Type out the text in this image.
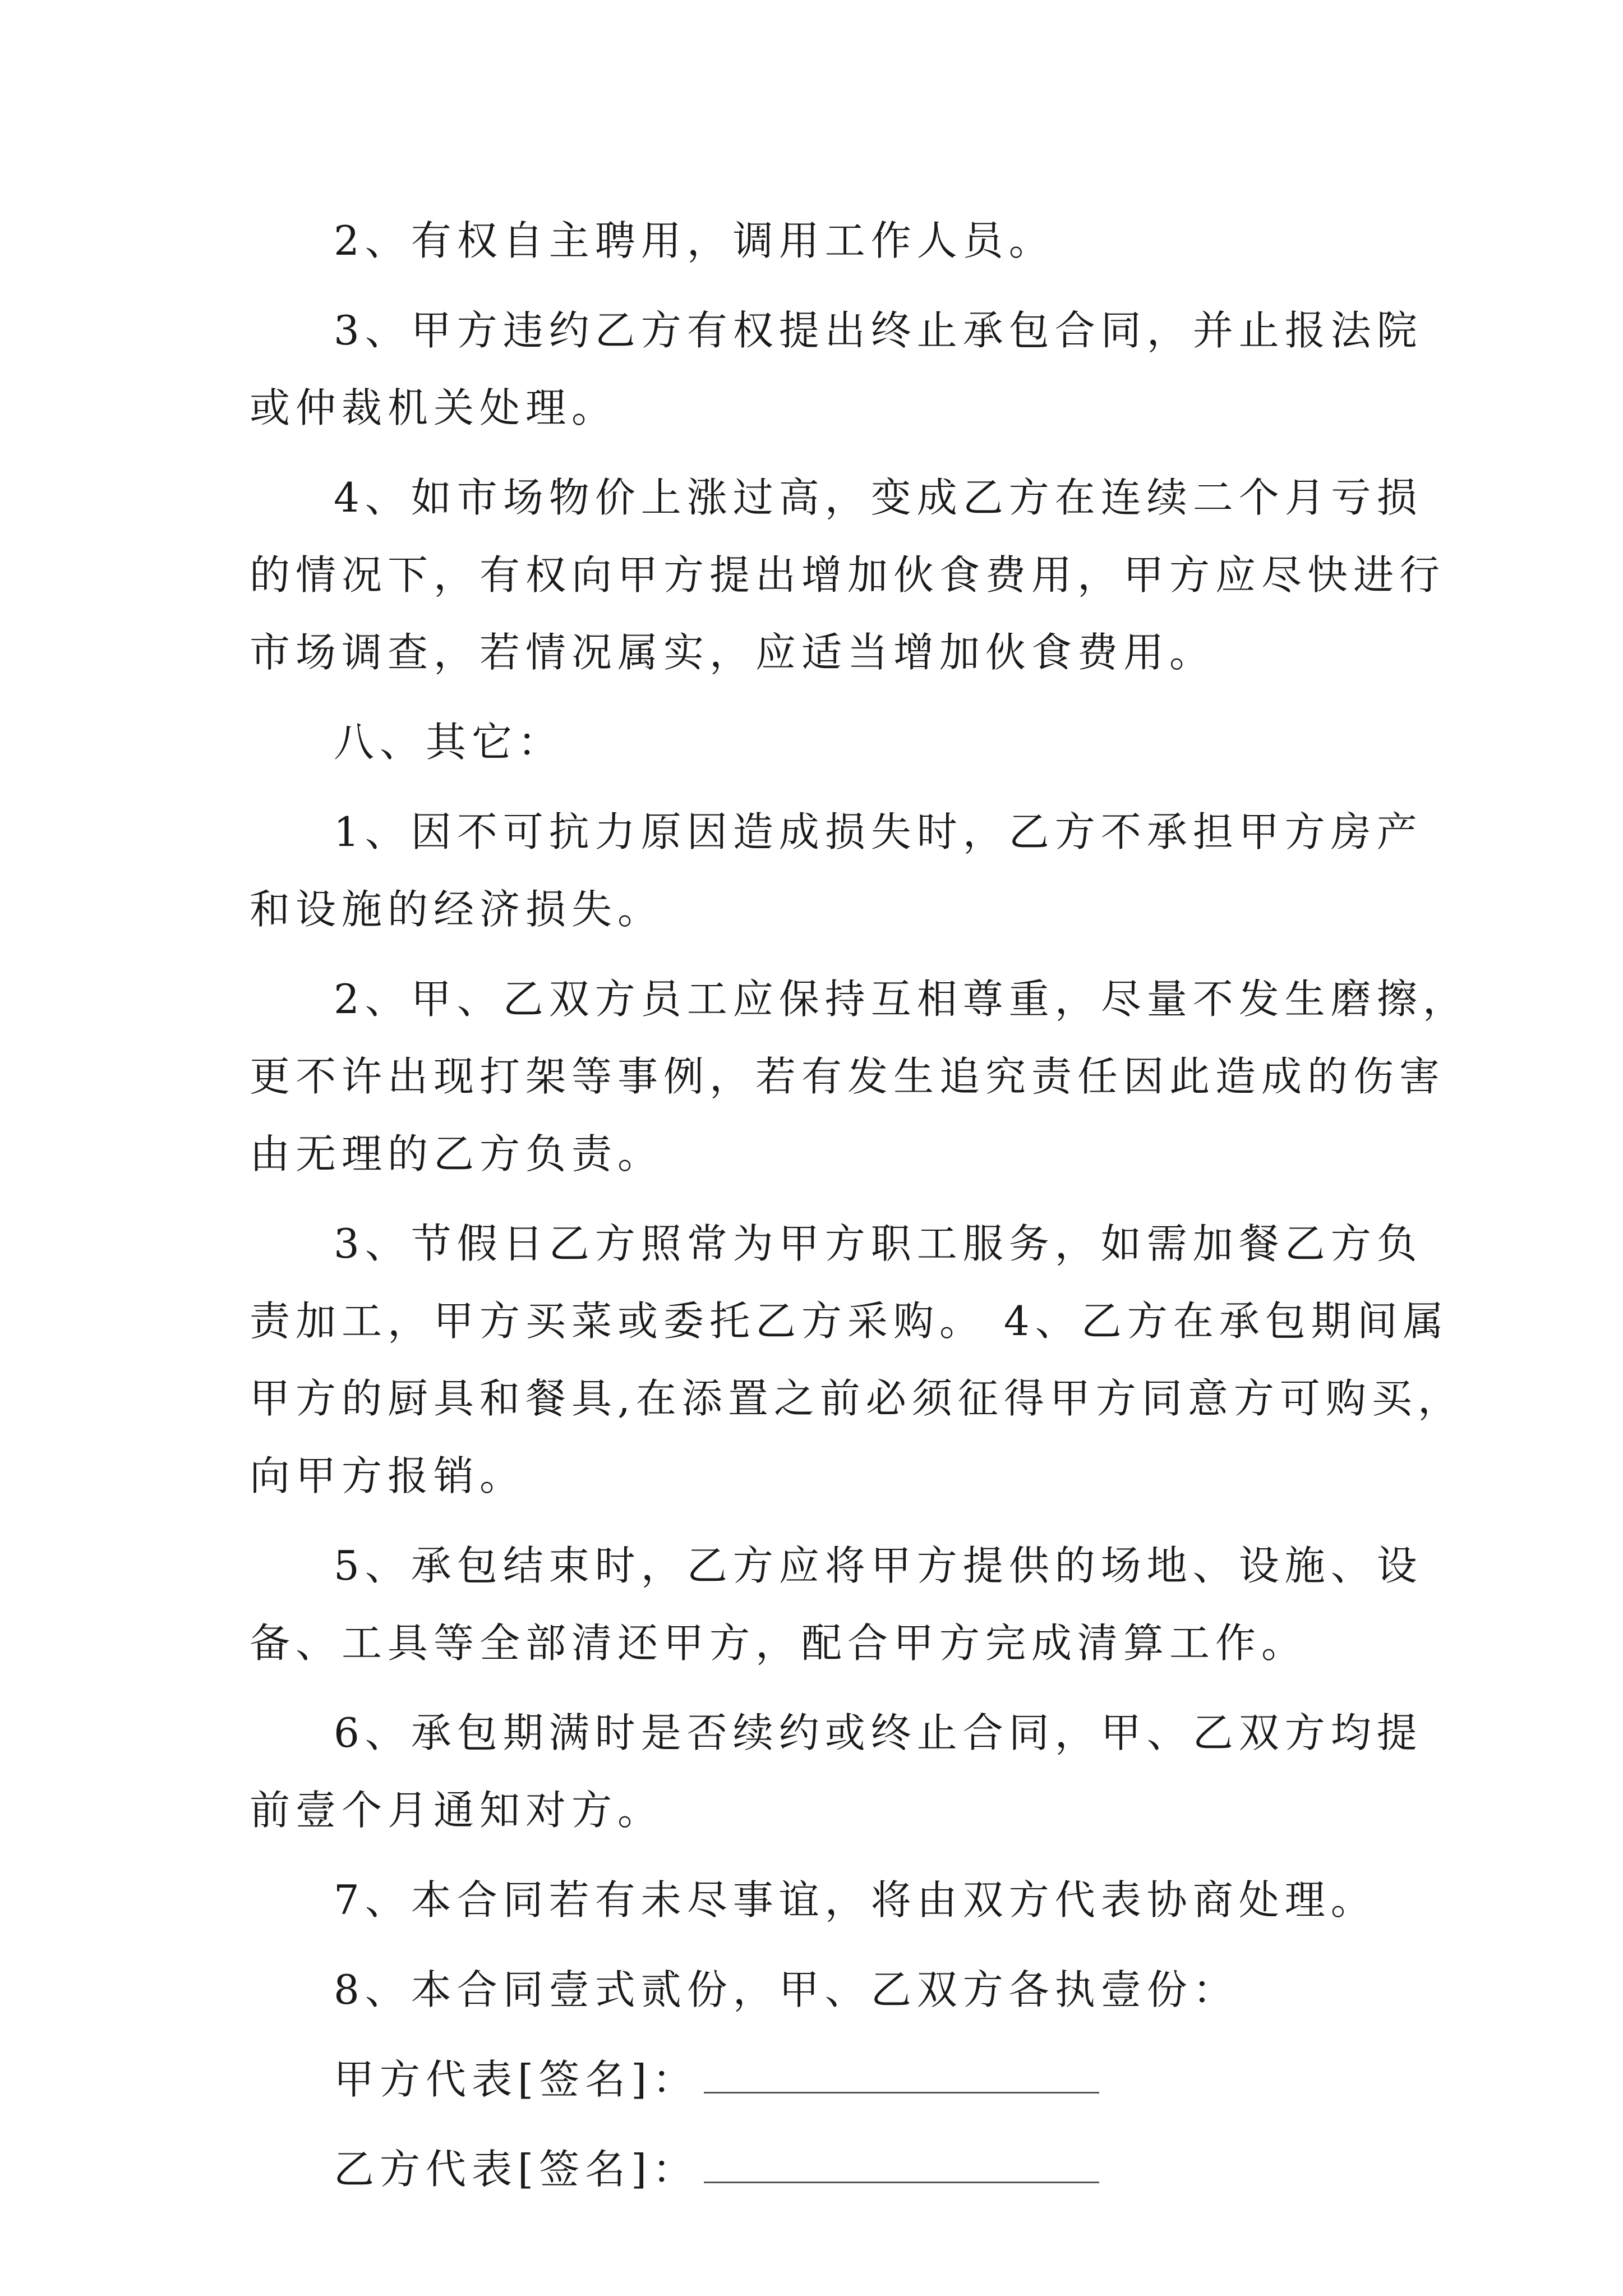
2、有权自主聘用，调用工作人员。
3、甲方违约乙方有权提出终止承包合同，并止报法院
或仲裁机关处理。
4、如市场物价上涨过高，变成乙方在连续二个月亏损
的情况下，有权向甲方提出增加伙食费用，甲方应尽快进行
市场调查，若情况属实，应适当增加伙食费用。
八、其它：
1、因不可抗力原因造成损失时，乙方不承担甲方房产
和设施的经济损失。
2、甲、乙双方员工应保持互相尊重，尽量不发生磨擦，
更不许出现打架等事例，若有发生追究责任因此造成的伤害
由无理的乙方负责。
3、节假日乙方照常为甲方职工服务，如需加餐乙方负
责加工，甲方买菜或委托乙方采购。 4、乙方在承包期间属
甲方的厨具和餐具,在添置之前必须征得甲方同意方可购买，
向甲方报销。
5、承包结束时，乙方应将甲方提供的场地、设施、设
备、工具等全部清还甲方，配合甲方完成清算工作。
6、承包期满时是否续约或终止合同，甲、乙双方均提
前壹个月通知对方。
7、本合同若有未尽事谊，将由双方代表协商处理。
8、本合同壹式贰份，甲、乙双方各执壹份：
甲方代表[签名]：
乙方代表[签名]：
